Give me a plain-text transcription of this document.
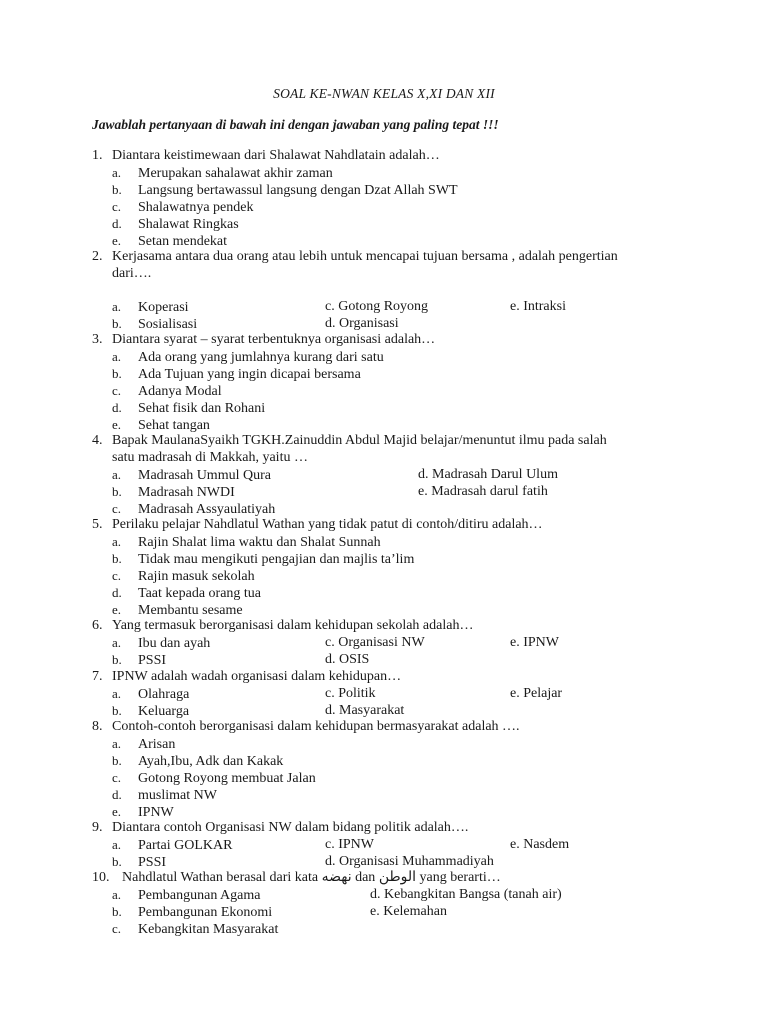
SOAL KE-NWAN KELAS X,XI DAN XII
Jawablah pertanyaan di bawah ini dengan jawaban yang paling tepat !!!
1. Diantara keistimewaan dari Shalawat Nahdlatain adalah…
a. Merupakan sahalawat akhir zaman
b. Langsung bertawassul langsung dengan Dzat Allah SWT
c. Shalawatnya pendek
d. Shalawat Ringkas
e. Setan mendekat
2. Kerjasama antara dua orang atau lebih untuk mencapai tujuan bersama , adalah pengertian
dari….
a. Koperasi
b. Sosialisasi
c. Gotong Royong
d. Organisasi
e. Intraksi
3. Diantara syarat – syarat terbentuknya organisasi adalah…
a. Ada orang yang jumlahnya kurang dari satu
b. Ada Tujuan yang ingin dicapai bersama
c. Adanya Modal
d. Sehat fisik dan Rohani
e. Sehat tangan
4. Bapak MaulanaSyaikh TGKH.Zainuddin Abdul Majid belajar/menuntut ilmu pada salah
satu madrasah di Makkah, yaitu …
a. Madrasah Ummul Qura
b. Madrasah NWDI
c. Madrasah Assyaulatiyah
d. Madrasah Darul Ulum
e. Madrasah darul fatih
5. Perilaku pelajar Nahdlatul Wathan yang tidak patut di contoh/ditiru adalah…
a. Rajin Shalat lima waktu dan Shalat Sunnah
b. Tidak mau mengikuti pengajian dan majlis ta’lim
c. Rajin masuk sekolah
d. Taat kepada orang tua
e. Membantu sesame
6. Yang termasuk berorganisasi dalam kehidupan sekolah adalah…
a. Ibu dan ayah
b. PSSI
c. Organisasi NW
d. OSIS
e. IPNW
7. IPNW adalah wadah organisasi dalam kehidupan…
a. Olahraga
b. Keluarga
c. Politik
d. Masyarakat
e. Pelajar
8. Contoh-contoh berorganisasi dalam kehidupan bermasyarakat adalah ….
a. Arisan
b. Ayah,Ibu, Adk dan Kakak
c. Gotong Royong membuat Jalan
d. muslimat NW
e. IPNW
9. Diantara contoh Organisasi NW dalam bidang politik adalah….
a. Partai GOLKAR
b. PSSI
c. IPNW
d. Organisasi Muhammadiyah
e. Nasdem
10. Nahdlatul Wathan berasal dari kata نهضه dan الوطن yang berarti…
a. Pembangunan Agama
b. Pembangunan Ekonomi
c. Kebangkitan Masyarakat
d. Kebangkitan Bangsa (tanah air)
e. Kelemahan
